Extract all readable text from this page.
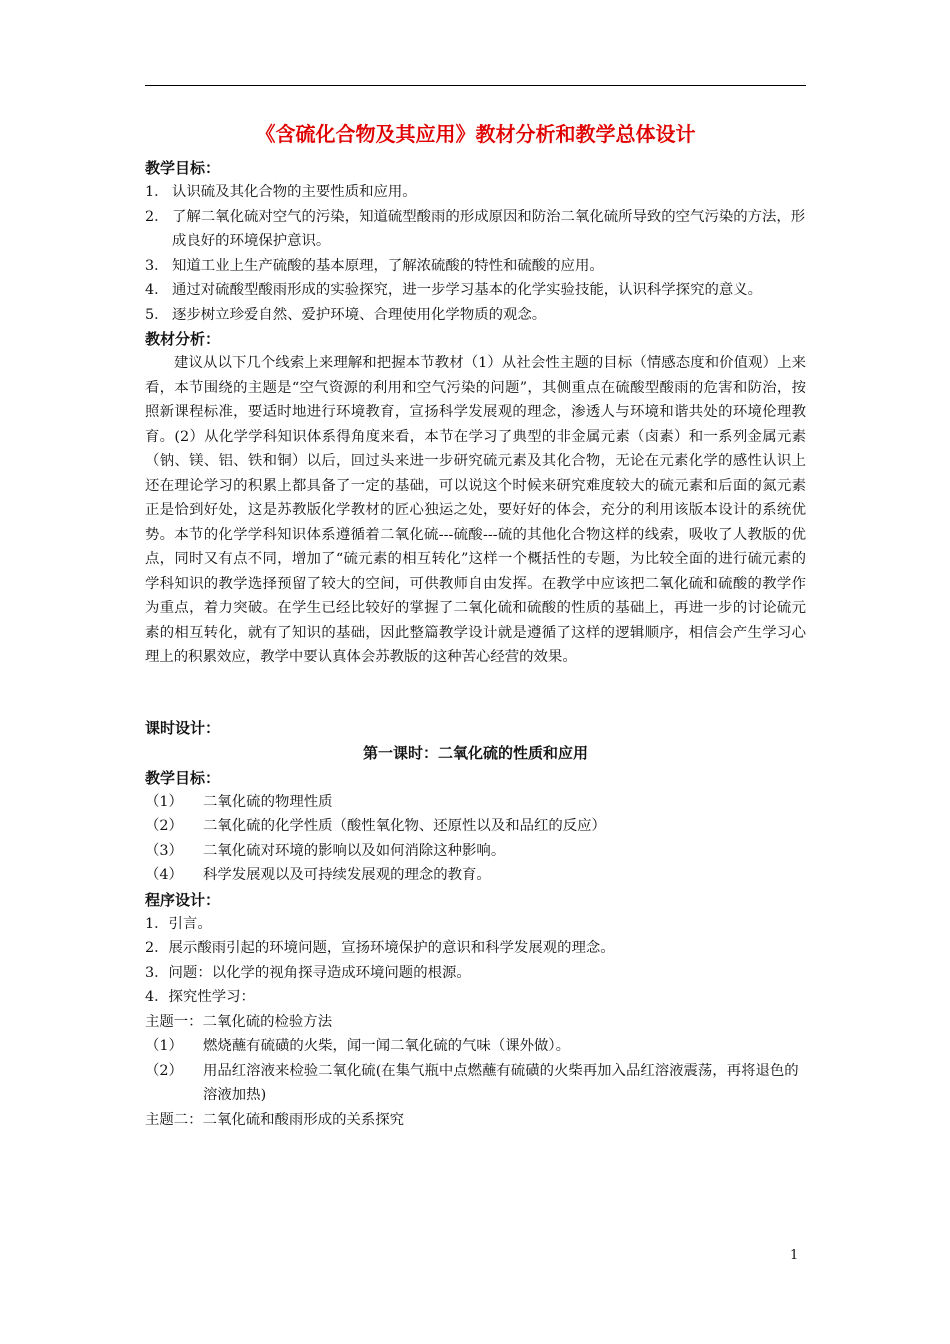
《含硫化合物及其应用》教材分析和教学总体设计
教学目标：
1． 认识硫及其化合物的主要性质和应用。
2． 了解二氧化硫对空气的污染，知道硫型酸雨的形成原因和防治二氧化硫所导致的空气污染的方法，形成良好的环境保护意识。
3． 知道工业上生产硫酸的基本原理，了解浓硫酸的特性和硫酸的应用。
4． 通过对硫酸型酸雨形成的实验探究，进一步学习基本的化学实验技能，认识科学探究的意义。
5． 逐步树立珍爱自然、爱护环境、合理使用化学物质的观念。
教材分析：
建议从以下几个线索上来理解和把握本节教材（1）从社会性主题的目标（情感态度和价值观）上来看，本节围绕的主题是“空气资源的利用和空气污染的问题”，其侧重点在硫酸型酸雨的危害和防治，按照新课程标准，要适时地进行环境教育，宣扬科学发展观的理念，渗透人与环境和谐共处的环境伦理教育。(2）从化学学科知识体系得角度来看，本节在学习了典型的非金属元素（卤素）和一系列金属元素（钠、镁、铝、铁和铜）以后，回过头来进一步研究硫元素及其化合物，无论在元素化学的感性认识上还在理论学习的积累上都具备了一定的基础，可以说这个时候来研究难度较大的硫元素和后面的氮元素正是恰到好处，这是苏教版化学教材的匠心独运之处，要好好的体会，充分的利用该版本设计的系统优势。本节的化学学科知识体系遵循着二氧化硫---硫酸---硫的其他化合物这样的线索，吸收了人教版的优点，同时又有点不同，增加了“硫元素的相互转化”这样一个概括性的专题，为比较全面的进行硫元素的学科知识的教学选择预留了较大的空间，可供教师自由发挥。在教学中应该把二氧化硫和硫酸的教学作为重点，着力突破。在学生已经比较好的掌握了二氧化硫和硫酸的性质的基础上，再进一步的讨论硫元素的相互转化，就有了知识的基础，因此整篇教学设计就是遵循了这样的逻辑顺序，相信会产生学习心理上的积累效应，教学中要认真体会苏教版的这种苦心经营的效果。
课时设计：
第一课时：二氧化硫的性质和应用
教学目标：
（1）	二氧化硫的物理性质
（2）	二氧化硫的化学性质（酸性氧化物、还原性以及和品红的反应）
（3）	二氧化硫对环境的影响以及如何消除这种影响。
（4）	科学发展观以及可持续发展观的理念的教育。
程序设计：
1．引言。
2．展示酸雨引起的环境问题，宣扬环境保护的意识和科学发展观的理念。
3．问题：以化学的视角探寻造成环境问题的根源。
4．探究性学习：
主题一：二氧化硫的检验方法
（1）	燃烧蘸有硫磺的火柴，闻一闻二氧化硫的气味（课外做）。
（2）	用品红溶液来检验二氧化硫(在集气瓶中点燃蘸有硫磺的火柴再加入品红溶液震荡，再将退色的溶液加热)
主题二：二氧化硫和酸雨形成的关系探究
1
